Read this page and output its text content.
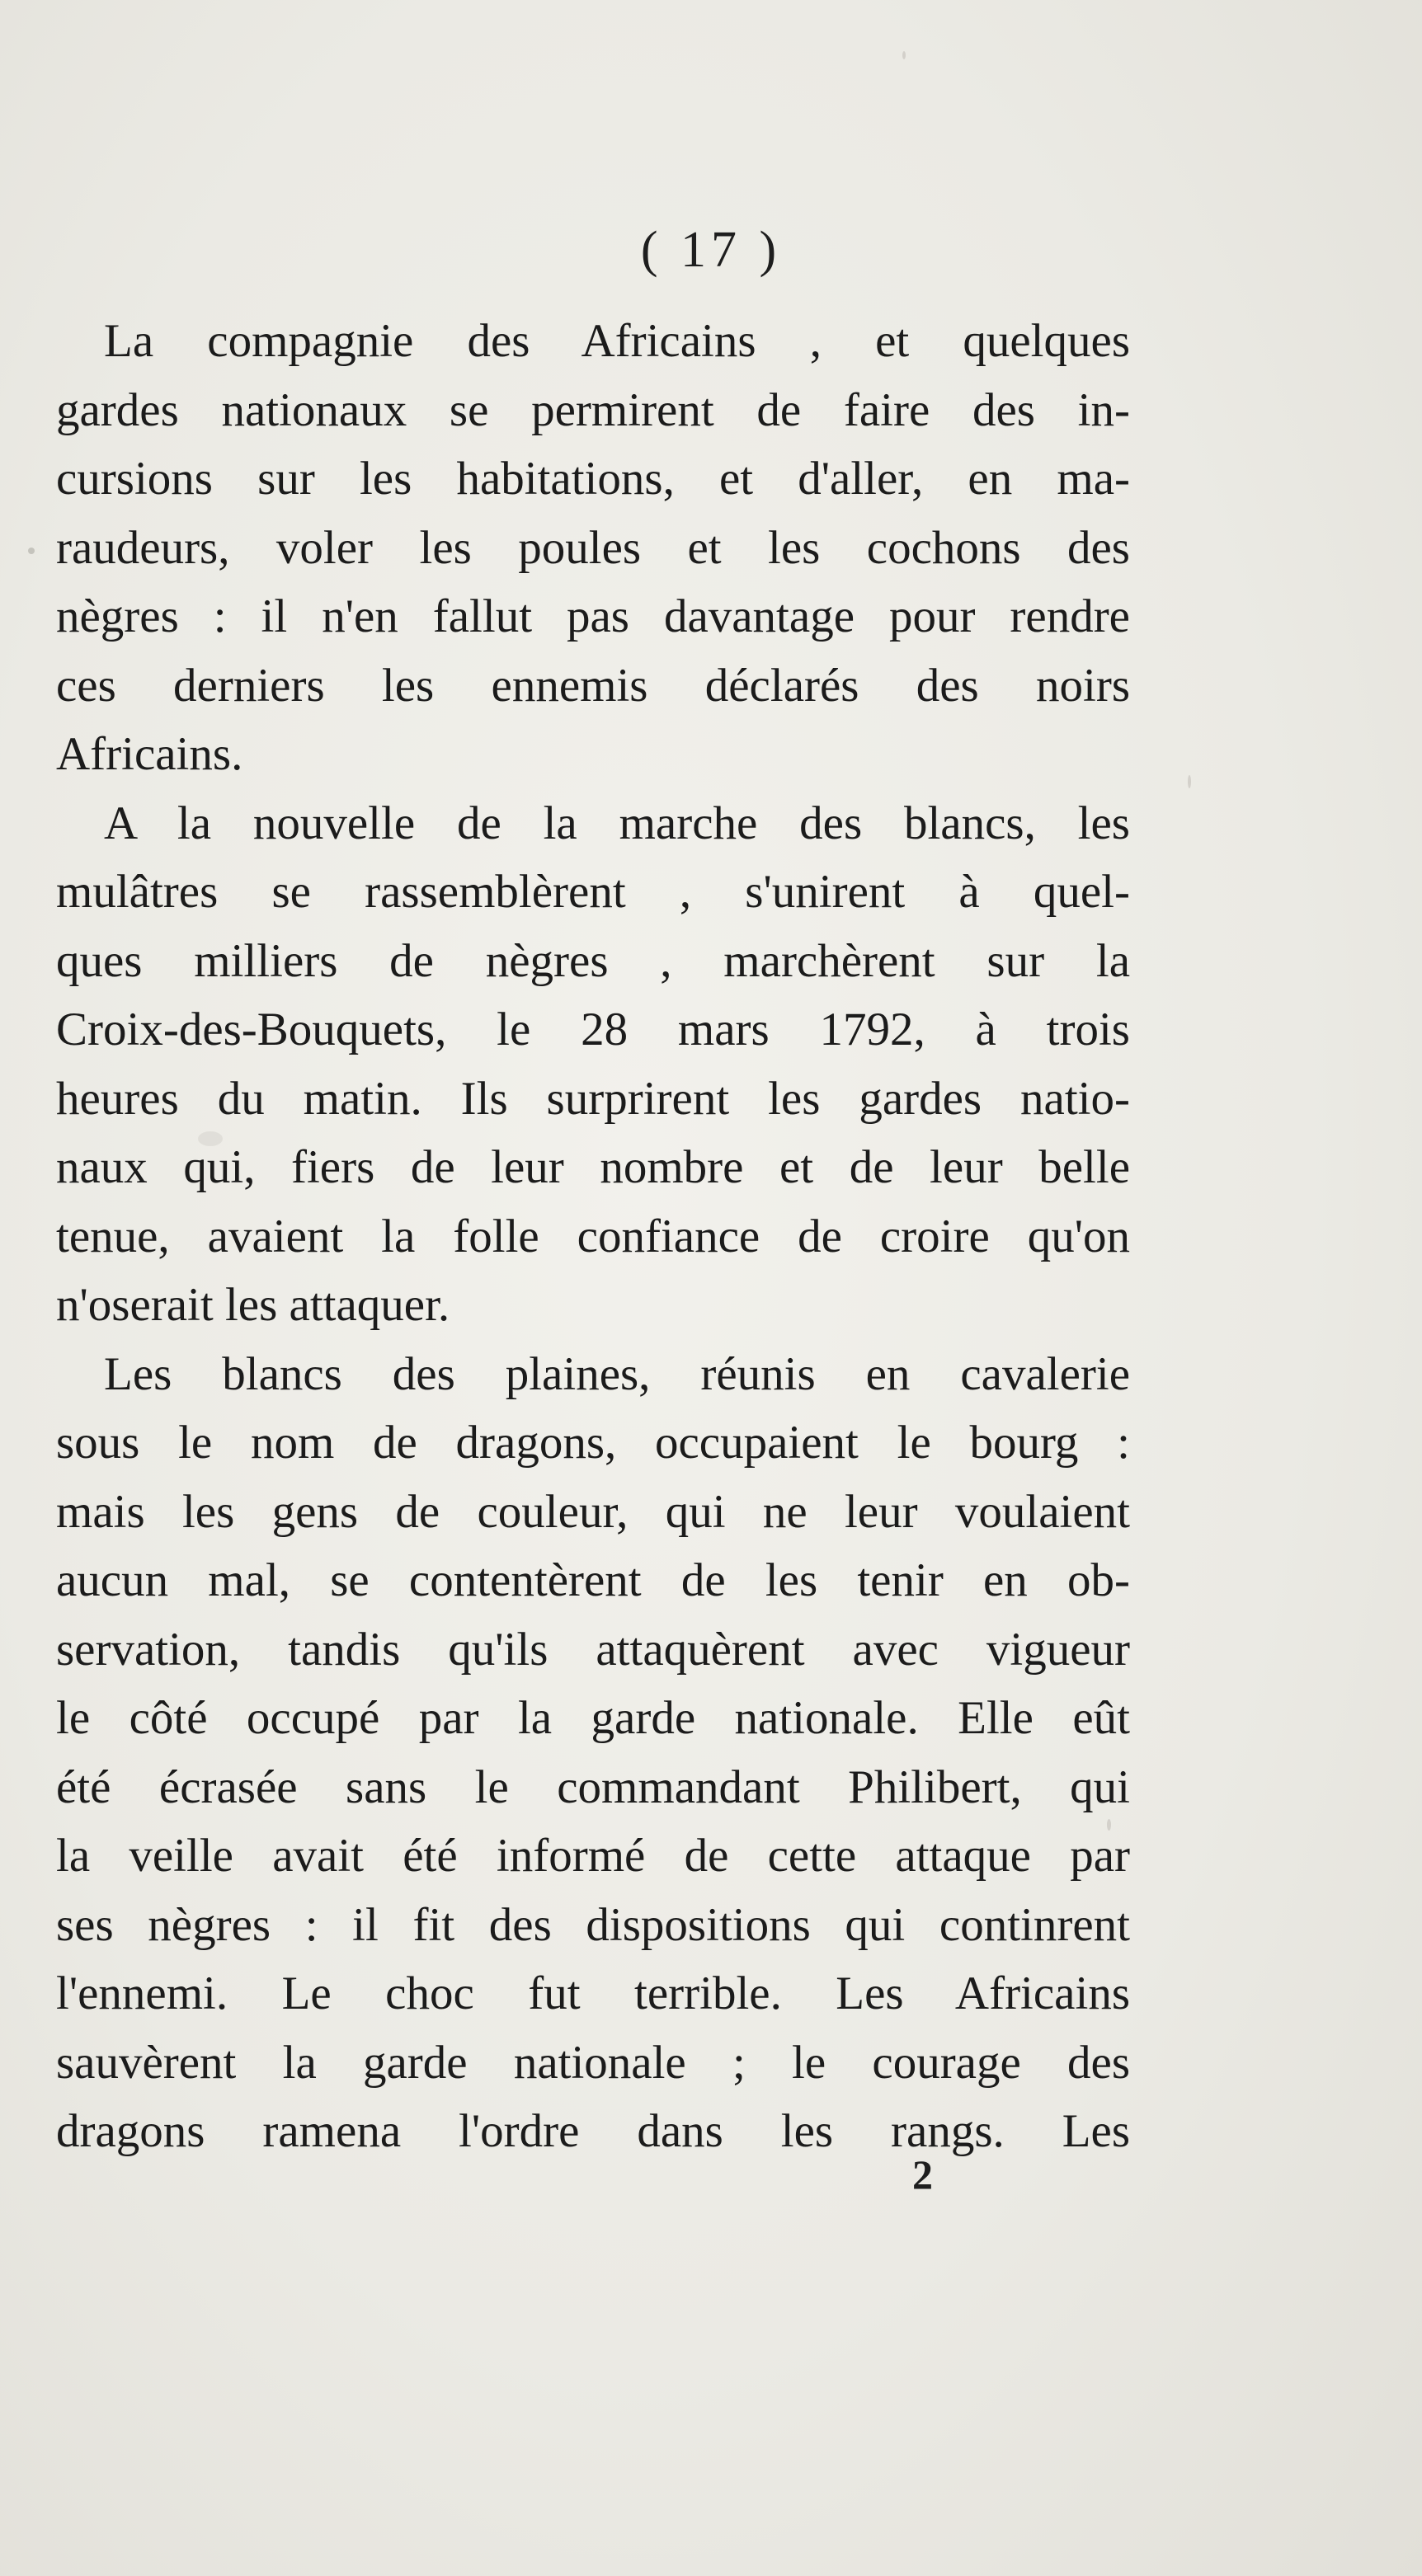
( 17 )
La compagnie des Africains , et quelques
gardes nationaux se permirent de faire des in-
cursions sur les habitations, et d'aller, en ma-
raudeurs, voler les poules et les cochons des
nègres : il n'en fallut pas davantage pour rendre
ces derniers les ennemis déclarés des noirs
Africains.
A la nouvelle de la marche des blancs, les
mulâtres se rassemblèrent , s'unirent à quel-
ques milliers de nègres , marchèrent sur la
Croix-des-Bouquets, le 28 mars 1792, à trois
heures du matin. Ils surprirent les gardes natio-
naux qui, fiers de leur nombre et de leur belle
tenue, avaient la folle confiance de croire qu'on
n'oserait les attaquer.
Les blancs des plaines, réunis en cavalerie
sous le nom de dragons, occupaient le bourg :
mais les gens de couleur, qui ne leur voulaient
aucun mal, se contentèrent de les tenir en ob-
servation, tandis qu'ils attaquèrent avec vigueur
le côté occupé par la garde nationale. Elle eût
été écrasée sans le commandant Philibert, qui
la veille avait été informé de cette attaque par
ses nègres : il fit des dispositions qui continrent
l'ennemi. Le choc fut terrible. Les Africains
sauvèrent la garde nationale ; le courage des
dragons ramena l'ordre dans les rangs. Les
2
